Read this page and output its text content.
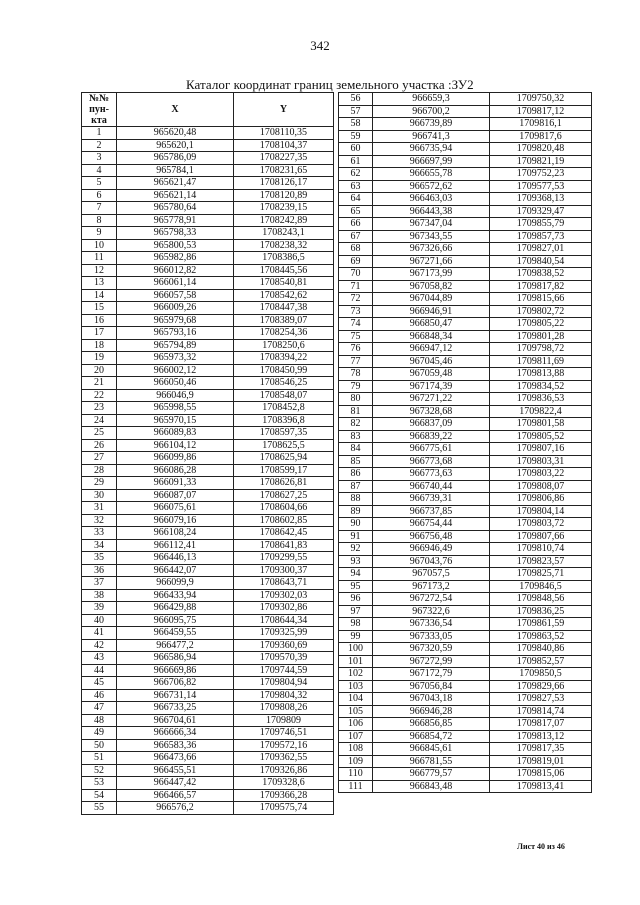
342
Каталог координат границ земельного участка :ЗУ2
№№
пун-
кта	X	Y
1	965620,48	1708110,35
2	965620,1	1708104,37
3	965786,09	1708227,35
4	965784,1	1708231,65
5	965621,47	1708126,17
6	965621,14	1708120,89
7	965780,64	1708239,15
8	965778,91	1708242,89
9	965798,33	1708243,1
10	965800,53	1708238,32
11	965982,86	1708386,5
12	966012,82	1708445,56
13	966061,14	1708540,81
14	966057,58	1708542,62
15	966009,26	1708447,38
16	965979,68	1708389,07
17	965793,16	1708254,36
18	965794,89	1708250,6
19	965973,32	1708394,22
20	966002,12	1708450,99
21	966050,46	1708546,25
22	966046,9	1708548,07
23	965998,55	1708452,8
24	965970,15	1708396,8
25	966089,83	1708597,35
26	966104,12	1708625,5
27	966099,86	1708625,94
28	966086,28	1708599,17
29	966091,33	1708626,81
30	966087,07	1708627,25
31	966075,61	1708604,66
32	966079,16	1708602,85
33	966108,24	1708642,45
34	966112,41	1708641,83
35	966446,13	1709299,55
36	966442,07	1709300,37
37	966099,9	1708643,71
38	966433,94	1709302,03
39	966429,88	1709302,86
40	966095,75	1708644,34
41	966459,55	1709325,99
42	966477,2	1709360,69
43	966586,94	1709570,39
44	966669,86	1709744,59
45	966706,82	1709804,94
46	966731,14	1709804,32
47	966733,25	1709808,26
48	966704,61	1709809
49	966666,34	1709746,51
50	966583,36	1709572,16
51	966473,66	1709362,55
52	966455,51	1709326,86
53	966447,42	1709328,6
54	966466,57	1709366,28
55	966576,2	1709575,74
56	966659,3	1709750,32
57	966700,2	1709817,12
58	966739,89	1709816,1
59	966741,3	1709817,6
60	966735,94	1709820,48
61	966697,99	1709821,19
62	966655,78	1709752,23
63	966572,62	1709577,53
64	966463,03	1709368,13
65	966443,38	1709329,47
66	967347,04	1709855,79
67	967343,55	1709857,73
68	967326,66	1709827,01
69	967271,66	1709840,54
70	967173,99	1709838,52
71	967058,82	1709817,82
72	967044,89	1709815,66
73	966946,91	1709802,72
74	966850,47	1709805,22
75	966848,34	1709801,28
76	966947,12	1709798,72
77	967045,46	1709811,69
78	967059,48	1709813,88
79	967174,39	1709834,52
80	967271,22	1709836,53
81	967328,68	1709822,4
82	966837,09	1709801,58
83	966839,22	1709805,52
84	966775,61	1709807,16
85	966773,68	1709803,31
86	966773,63	1709803,22
87	966740,44	1709808,07
88	966739,31	1709806,86
89	966737,85	1709804,14
90	966754,44	1709803,72
91	966756,48	1709807,66
92	966946,49	1709810,74
93	967043,76	1709823,57
94	967057,5	1709825,71
95	967173,2	1709846,5
96	967272,54	1709848,56
97	967322,6	1709836,25
98	967336,54	1709861,59
99	967333,05	1709863,52
100	967320,59	1709840,86
101	967272,99	1709852,57
102	967172,79	1709850,5
103	967056,84	1709829,66
104	967043,18	1709827,53
105	966946,28	1709814,74
106	966856,85	1709817,07
107	966854,72	1709813,12
108	966845,61	1709817,35
109	966781,55	1709819,01
110	966779,57	1709815,06
111	966843,48	1709813,41
Лист 40 из 46
